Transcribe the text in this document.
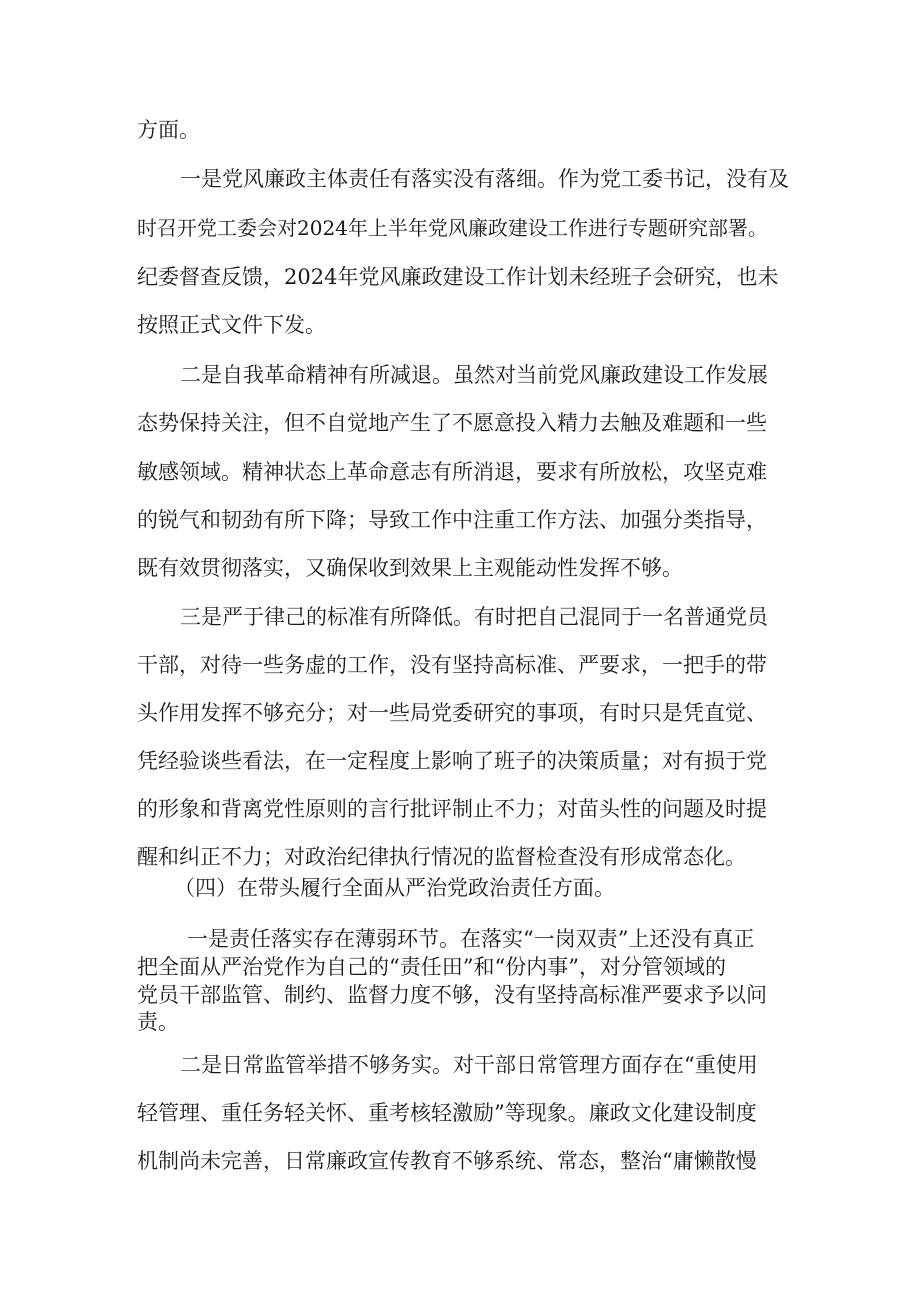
方面。
一是党风廉政主体责任有落实没有落细。作为党工委书记，没有及
时召开党工委会对2024年上半年党风廉政建设工作进行专题研究部署。
纪委督查反馈，2024年党风廉政建设工作计划未经班子会研究，也未
按照正式文件下发。
二是自我革命精神有所减退。虽然对当前党风廉政建设工作发展
态势保持关注，但不自觉地产生了不愿意投入精力去触及难题和一些
敏感领域。精神状态上革命意志有所消退，要求有所放松，攻坚克难
的锐气和韧劲有所下降；导致工作中注重工作方法、加强分类指导，
既有效贯彻落实，又确保收到效果上主观能动性发挥不够。
三是严于律己的标准有所降低。有时把自己混同于一名普通党员
干部，对待一些务虚的工作，没有坚持高标准、严要求，一把手的带
头作用发挥不够充分；对一些局党委研究的事项，有时只是凭直觉、
凭经验谈些看法，在一定程度上影响了班子的决策质量；对有损于党
的形象和背离党性原则的言行批评制止不力；对苗头性的问题及时提
醒和纠正不力；对政治纪律执行情况的监督检查没有形成常态化。
（四）在带头履行全面从严治党政治责任方面。
一是责任落实存在薄弱环节。在落实“一岗双责”上还没有真正
把全面从严治党作为自己的“责任田”和“份内事”，对分管领域的
党员干部监管、制约、监督力度不够，没有坚持高标准严要求予以问
责。
二是日常监管举措不够务实。对干部日常管理方面存在“重使用
轻管理、重任务轻关怀、重考核轻激励”等现象。廉政文化建设制度
机制尚未完善，日常廉政宣传教育不够系统、常态，整治“庸懒散慢
